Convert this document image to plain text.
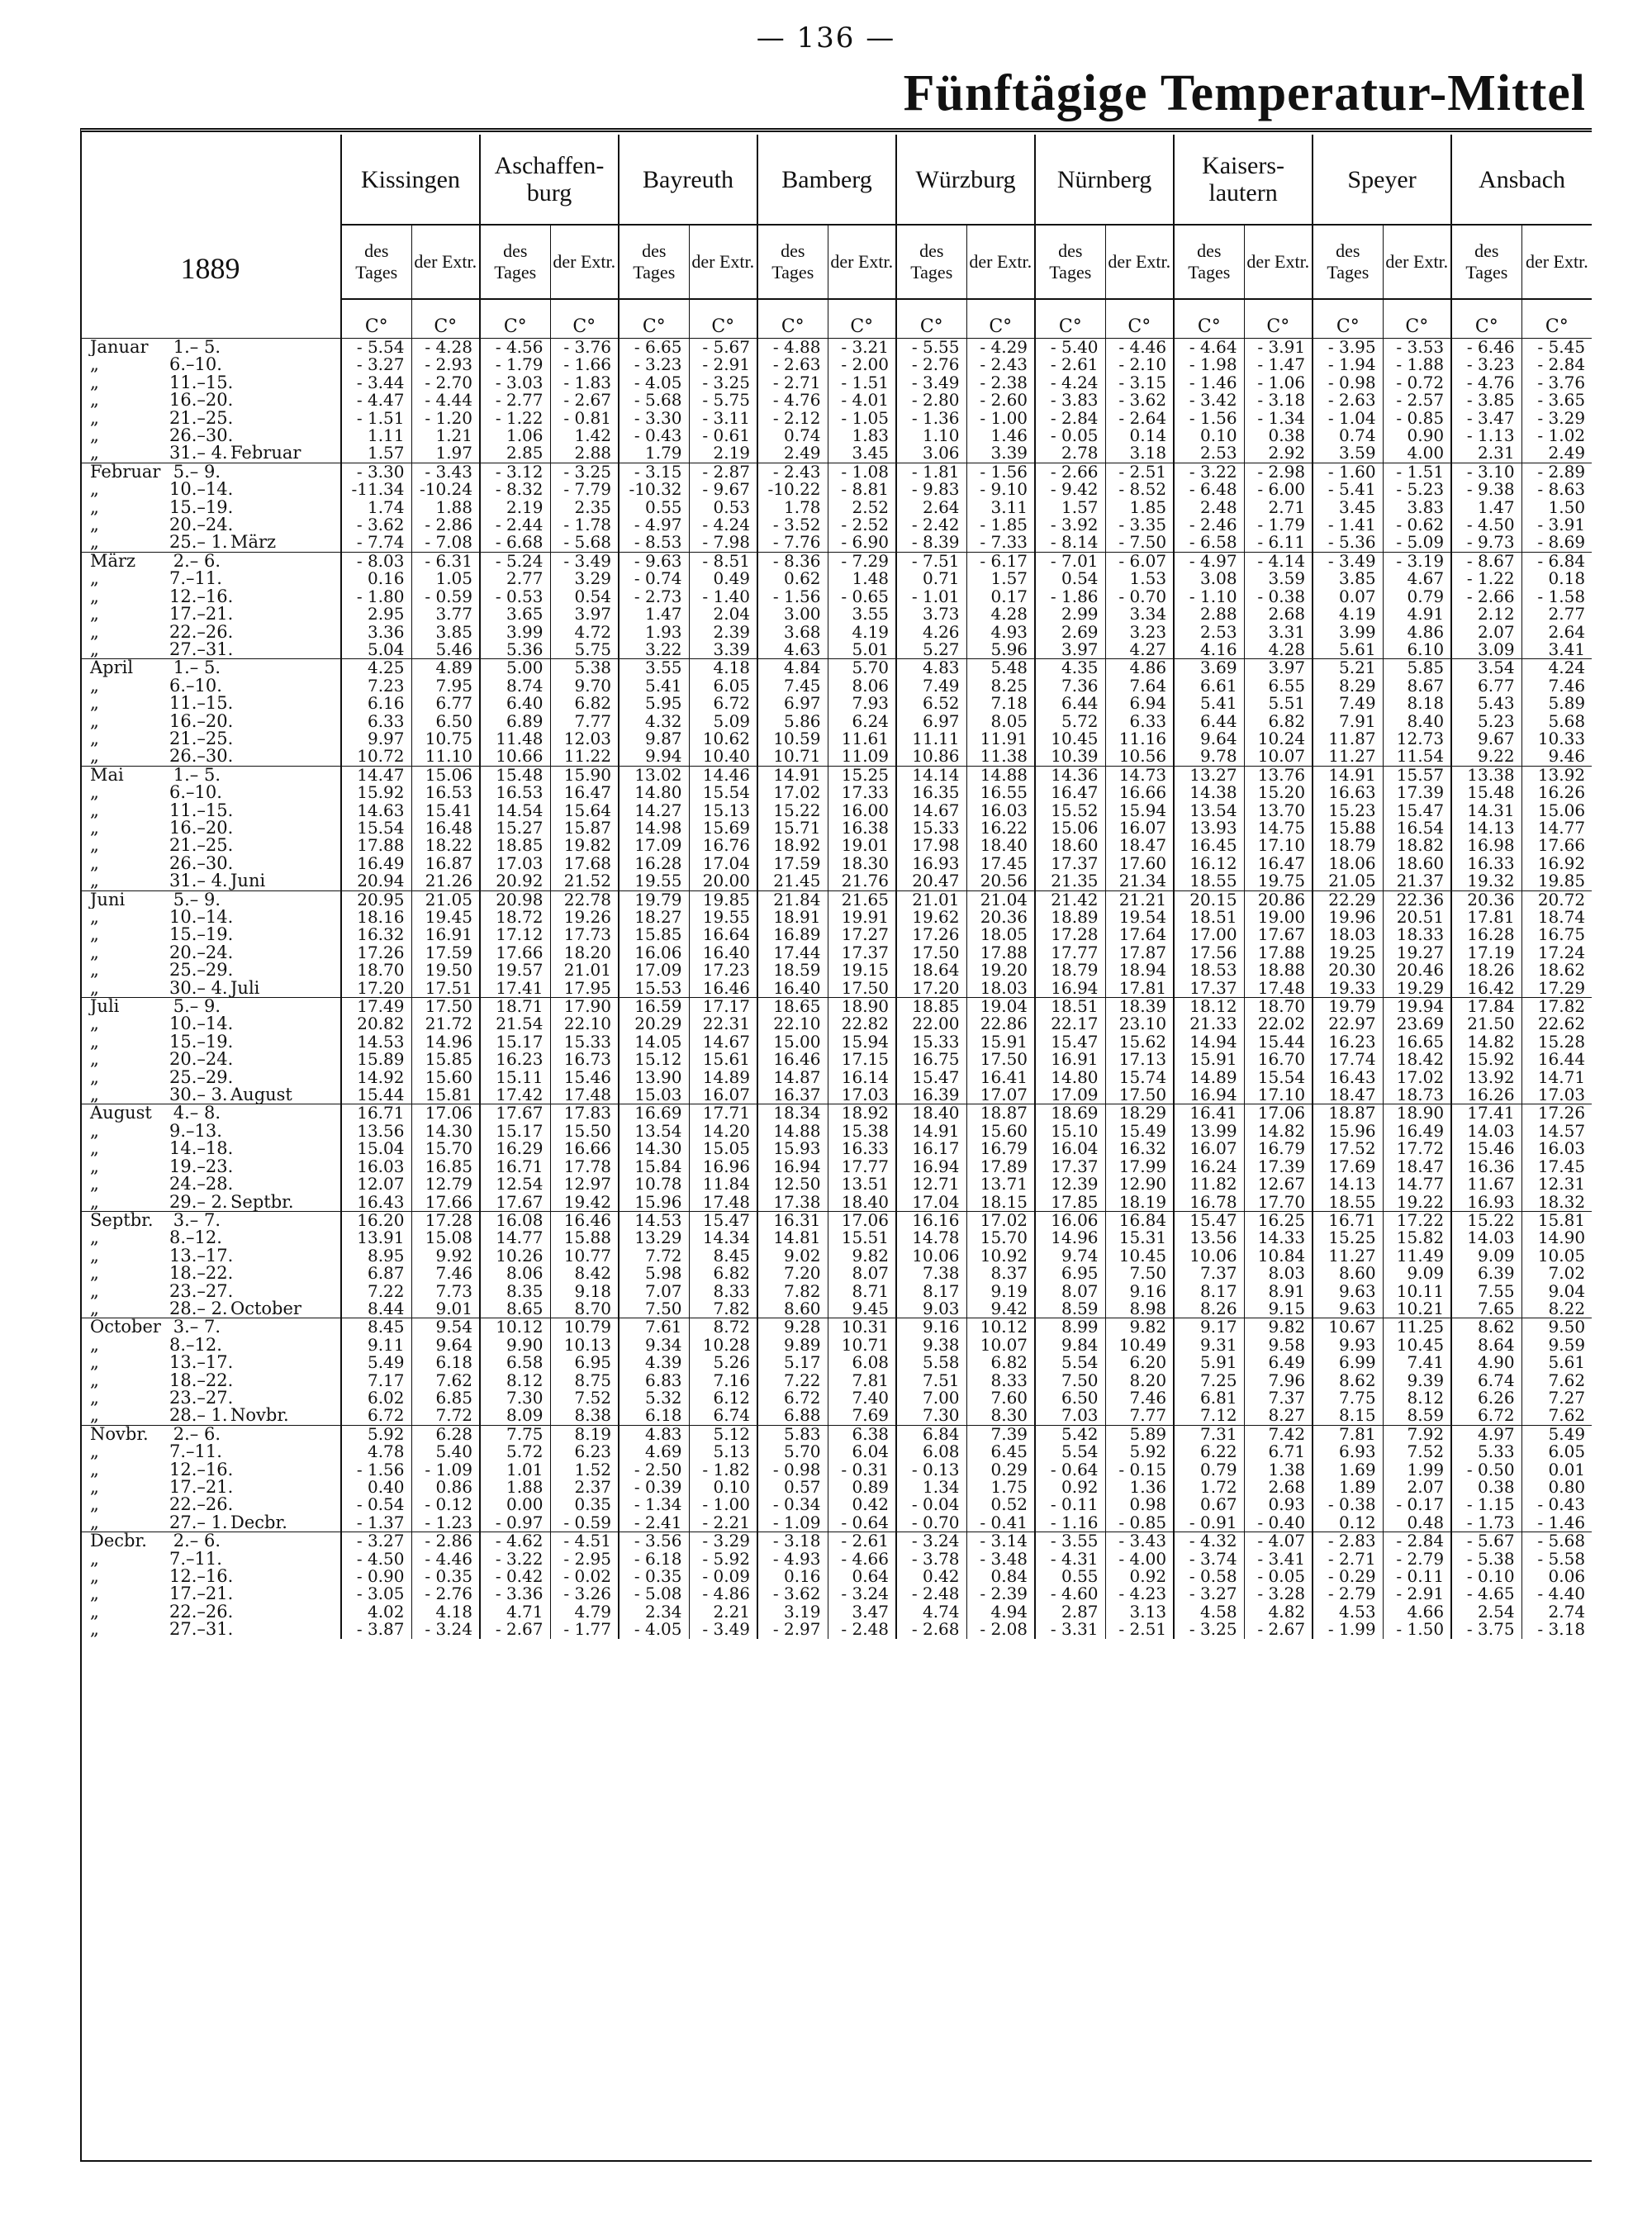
— 136 —
Fünftägige Temperatur-Mittel
1889	Kissingen		Aschaffen-burg		Bayreuth		Bamberg		Würzburg		Nürnberg		Kaisers-lautern		Speyer		Ansbach	
	des Tages	der Extr.	des Tages	der Extr.	des Tages	der Extr.	des Tages	der Extr.	des Tages	der Extr.	des Tages	der Extr.	des Tages	der Extr.	des Tages	der Extr.	des Tages	der Extr.

	C°	C°	C°	C°	C°	C°	C°	C°	C°	C°	C°	C°	C°	C°	C°	C°	C°	C°
Januar 1.– 5.	- 5.54	- 4.28	- 4.56	- 3.76	- 6.65	- 5.67	- 4.88	- 3.21	- 5.55	- 4.29	- 5.40	- 4.46	- 4.64	- 3.91	- 3.95	- 3.53	- 6.46	- 5.45
„ 6.–10.	- 3.27	- 2.93	- 1.79	- 1.66	- 3.23	- 2.91	- 2.63	- 2.00	- 2.76	- 2.43	- 2.61	- 2.10	- 1.98	- 1.47	- 1.94	- 1.88	- 3.23	- 2.84
„ 11.–15.	- 3.44	- 2.70	- 3.03	- 1.83	- 4.05	- 3.25	- 2.71	- 1.51	- 3.49	- 2.38	- 4.24	- 3.15	- 1.46	- 1.06	- 0.98	- 0.72	- 4.76	- 3.76
„ 16.–20.	- 4.47	- 4.44	- 2.77	- 2.67	- 5.68	- 5.75	- 4.76	- 4.01	- 2.80	- 2.60	- 3.83	- 3.62	- 3.42	- 3.18	- 2.63	- 2.57	- 3.85	- 3.65
„ 21.–25.	- 1.51	- 1.20	- 1.22	- 0.81	- 3.30	- 3.11	- 2.12	- 1.05	- 1.36	- 1.00	- 2.84	- 2.64	- 1.56	- 1.34	- 1.04	- 0.85	- 3.47	- 3.29
„ 26.–30.	1.11	1.21	1.06	1.42	- 0.43	- 0.61	0.74	1.83	1.10	1.46	- 0.05	0.14	0.10	0.38	0.74	0.90	- 1.13	- 1.02
„ 31.– 4. Februar	1.57	1.97	2.85	2.88	1.79	2.19	2.49	3.45	3.06	3.39	2.78	3.18	2.53	2.92	3.59	4.00	2.31	2.49
Februar 5.– 9.	- 3.30	- 3.43	- 3.12	- 3.25	- 3.15	- 2.87	- 2.43	- 1.08	- 1.81	- 1.56	- 2.66	- 2.51	- 3.22	- 2.98	- 1.60	- 1.51	- 3.10	- 2.89
„ 10.–14.	-11.34	-10.24	- 8.32	- 7.79	-10.32	- 9.67	-10.22	- 8.81	- 9.83	- 9.10	- 9.42	- 8.52	- 6.48	- 6.00	- 5.41	- 5.23	- 9.38	- 8.63
„ 15.–19.	1.74	1.88	2.19	2.35	0.55	0.53	1.78	2.52	2.64	3.11	1.57	1.85	2.48	2.71	3.45	3.83	1.47	1.50
„ 20.–24.	- 3.62	- 2.86	- 2.44	- 1.78	- 4.97	- 4.24	- 3.52	- 2.52	- 2.42	- 1.85	- 3.92	- 3.35	- 2.46	- 1.79	- 1.41	- 0.62	- 4.50	- 3.91
„ 25.– 1. März	- 7.74	- 7.08	- 6.68	- 5.68	- 8.53	- 7.98	- 7.76	- 6.90	- 8.39	- 7.33	- 8.14	- 7.50	- 6.58	- 6.11	- 5.36	- 5.09	- 9.73	- 8.69
März 2.– 6.	- 8.03	- 6.31	- 5.24	- 3.49	- 9.63	- 8.51	- 8.36	- 7.29	- 7.51	- 6.17	- 7.01	- 6.07	- 4.97	- 4.14	- 3.49	- 3.19	- 8.67	- 6.84
„ 7.–11.	0.16	1.05	2.77	3.29	- 0.74	0.49	0.62	1.48	0.71	1.57	0.54	1.53	3.08	3.59	3.85	4.67	- 1.22	0.18
„ 12.–16.	- 1.80	- 0.59	- 0.53	0.54	- 2.73	- 1.40	- 1.56	- 0.65	- 1.01	0.17	- 1.86	- 0.70	- 1.10	- 0.38	0.07	0.79	- 2.66	- 1.58
„ 17.–21.	2.95	3.77	3.65	3.97	1.47	2.04	3.00	3.55	3.73	4.28	2.99	3.34	2.88	2.68	4.19	4.91	2.12	2.77
„ 22.–26.	3.36	3.85	3.99	4.72	1.93	2.39	3.68	4.19	4.26	4.93	2.69	3.23	2.53	3.31	3.99	4.86	2.07	2.64
„ 27.–31.	5.04	5.46	5.36	5.75	3.22	3.39	4.63	5.01	5.27	5.96	3.97	4.27	4.16	4.28	5.61	6.10	3.09	3.41
April 1.– 5.	4.25	4.89	5.00	5.38	3.55	4.18	4.84	5.70	4.83	5.48	4.35	4.86	3.69	3.97	5.21	5.85	3.54	4.24
„ 6.–10.	7.23	7.95	8.74	9.70	5.41	6.05	7.45	8.06	7.49	8.25	7.36	7.64	6.61	6.55	8.29	8.67	6.77	7.46
„ 11.–15.	6.16	6.77	6.40	6.82	5.95	6.72	6.97	7.93	6.52	7.18	6.44	6.94	5.41	5.51	7.49	8.18	5.43	5.89
„ 16.–20.	6.33	6.50	6.89	7.77	4.32	5.09	5.86	6.24	6.97	8.05	5.72	6.33	6.44	6.82	7.91	8.40	5.23	5.68
„ 21.–25.	9.97	10.75	11.48	12.03	9.87	10.62	10.59	11.61	11.11	11.91	10.45	11.16	9.64	10.24	11.87	12.73	9.67	10.33
„ 26.–30.	10.72	11.10	10.66	11.22	9.94	10.40	10.71	11.09	10.86	11.38	10.39	10.56	9.78	10.07	11.27	11.54	9.22	9.46
Mai 1.– 5.	14.47	15.06	15.48	15.90	13.02	14.46	14.91	15.25	14.14	14.88	14.36	14.73	13.27	13.76	14.91	15.57	13.38	13.92
„ 6.–10.	15.92	16.53	16.53	16.47	14.80	15.54	17.02	17.33	16.35	16.55	16.47	16.66	14.38	15.20	16.63	17.39	15.48	16.26
„ 11.–15.	14.63	15.41	14.54	15.64	14.27	15.13	15.22	16.00	14.67	16.03	15.52	15.94	13.54	13.70	15.23	15.47	14.31	15.06
„ 16.–20.	15.54	16.48	15.27	15.87	14.98	15.69	15.71	16.38	15.33	16.22	15.06	16.07	13.93	14.75	15.88	16.54	14.13	14.77
„ 21.–25.	17.88	18.22	18.85	19.82	17.09	16.76	18.92	19.01	17.98	18.40	18.60	18.47	16.45	17.10	18.79	18.82	16.98	17.66
„ 26.–30.	16.49	16.87	17.03	17.68	16.28	17.04	17.59	18.30	16.93	17.45	17.37	17.60	16.12	16.47	18.06	18.60	16.33	16.92
„ 31.– 4. Juni	20.94	21.26	20.92	21.52	19.55	20.00	21.45	21.76	20.47	20.56	21.35	21.34	18.55	19.75	21.05	21.37	19.32	19.85
Juni 5.– 9.	20.95	21.05	20.98	22.78	19.79	19.85	21.84	21.65	21.01	21.04	21.42	21.21	20.15	20.86	22.29	22.36	20.36	20.72
„ 10.–14.	18.16	19.45	18.72	19.26	18.27	19.55	18.91	19.91	19.62	20.36	18.89	19.54	18.51	19.00	19.96	20.51	17.81	18.74
„ 15.–19.	16.32	16.91	17.12	17.73	15.85	16.64	16.89	17.27	17.26	18.05	17.28	17.64	17.00	17.67	18.03	18.33	16.28	16.75
„ 20.–24.	17.26	17.59	17.66	18.20	16.06	16.40	17.44	17.37	17.50	17.88	17.77	17.87	17.56	17.88	19.25	19.27	17.19	17.24
„ 25.–29.	18.70	19.50	19.57	21.01	17.09	17.23	18.59	19.15	18.64	19.20	18.79	18.94	18.53	18.88	20.30	20.46	18.26	18.62
„ 30.– 4. Juli	17.20	17.51	17.41	17.95	15.53	16.46	16.40	17.50	17.20	18.03	16.94	17.81	17.37	17.48	19.33	19.29	16.42	17.29
Juli 5.– 9.	17.49	17.50	18.71	17.90	16.59	17.17	18.65	18.90	18.85	19.04	18.51	18.39	18.12	18.70	19.79	19.94	17.84	17.82
„ 10.–14.	20.82	21.72	21.54	22.10	20.29	22.31	22.10	22.82	22.00	22.86	22.17	23.10	21.33	22.02	22.97	23.69	21.50	22.62
„ 15.–19.	14.53	14.96	15.17	15.33	14.05	14.67	15.00	15.94	15.33	15.91	15.47	15.62	14.94	15.44	16.23	16.65	14.82	15.28
„ 20.–24.	15.89	15.85	16.23	16.73	15.12	15.61	16.46	17.15	16.75	17.50	16.91	17.13	15.91	16.70	17.74	18.42	15.92	16.44
„ 25.–29.	14.92	15.60	15.11	15.46	13.90	14.89	14.87	16.14	15.47	16.41	14.80	15.74	14.89	15.54	16.43	17.02	13.92	14.71
„ 30.– 3. August	15.44	15.81	17.42	17.48	15.03	16.07	16.37	17.03	16.39	17.07	17.09	17.50	16.94	17.10	18.47	18.73	16.26	17.03
August 4.– 8.	16.71	17.06	17.67	17.83	16.69	17.71	18.34	18.92	18.40	18.87	18.69	18.29	16.41	17.06	18.87	18.90	17.41	17.26
„ 9.–13.	13.56	14.30	15.17	15.50	13.54	14.20	14.88	15.38	14.91	15.60	15.10	15.49	13.99	14.82	15.96	16.49	14.03	14.57
„ 14.–18.	15.04	15.70	16.29	16.66	14.30	15.05	15.93	16.33	16.17	16.79	16.04	16.32	16.07	16.79	17.52	17.72	15.46	16.03
„ 19.–23.	16.03	16.85	16.71	17.78	15.84	16.96	16.94	17.77	16.94	17.89	17.37	17.99	16.24	17.39	17.69	18.47	16.36	17.45
„ 24.–28.	12.07	12.79	12.54	12.97	10.78	11.84	12.50	13.51	12.71	13.71	12.39	12.90	11.82	12.67	14.13	14.77	11.67	12.31
„ 29.– 2. Septbr.	16.43	17.66	17.67	19.42	15.96	17.48	17.38	18.40	17.04	18.15	17.85	18.19	16.78	17.70	18.55	19.22	16.93	18.32
Septbr. 3.– 7.	16.20	17.28	16.08	16.46	14.53	15.47	16.31	17.06	16.16	17.02	16.06	16.84	15.47	16.25	16.71	17.22	15.22	15.81
„ 8.–12.	13.91	15.08	14.77	15.88	13.29	14.34	14.81	15.51	14.78	15.70	14.96	15.31	13.56	14.33	15.25	15.82	14.03	14.90
„ 13.–17.	8.95	9.92	10.26	10.77	7.72	8.45	9.02	9.82	10.06	10.92	9.74	10.45	10.06	10.84	11.27	11.49	9.09	10.05
„ 18.–22.	6.87	7.46	8.06	8.42	5.98	6.82	7.20	8.07	7.38	8.37	6.95	7.50	7.37	8.03	8.60	9.09	6.39	7.02
„ 23.–27.	7.22	7.73	8.35	9.18	7.07	8.33	7.82	8.71	8.17	9.19	8.07	9.16	8.17	8.91	9.63	10.11	7.55	9.04
„ 28.– 2. October	8.44	9.01	8.65	8.70	7.50	7.82	8.60	9.45	9.03	9.42	8.59	8.98	8.26	9.15	9.63	10.21	7.65	8.22
October 3.– 7.	8.45	9.54	10.12	10.79	7.61	8.72	9.28	10.31	9.16	10.12	8.99	9.82	9.17	9.82	10.67	11.25	8.62	9.50
„ 8.–12.	9.11	9.64	9.90	10.13	9.34	10.28	9.89	10.71	9.38	10.07	9.84	10.49	9.31	9.58	9.93	10.45	8.64	9.59
„ 13.–17.	5.49	6.18	6.58	6.95	4.39	5.26	5.17	6.08	5.58	6.82	5.54	6.20	5.91	6.49	6.99	7.41	4.90	5.61
„ 18.–22.	7.17	7.62	8.12	8.75	6.83	7.16	7.22	7.81	7.51	8.33	7.50	8.20	7.25	7.96	8.62	9.39	6.74	7.62
„ 23.–27.	6.02	6.85	7.30	7.52	5.32	6.12	6.72	7.40	7.00	7.60	6.50	7.46	6.81	7.37	7.75	8.12	6.26	7.27
„ 28.– 1. Novbr.	6.72	7.72	8.09	8.38	6.18	6.74	6.88	7.69	7.30	8.30	7.03	7.77	7.12	8.27	8.15	8.59	6.72	7.62
Novbr. 2.– 6.	5.92	6.28	7.75	8.19	4.83	5.12	5.83	6.38	6.84	7.39	5.42	5.89	7.31	7.42	7.81	7.92	4.97	5.49
„ 7.–11.	4.78	5.40	5.72	6.23	4.69	5.13	5.70	6.04	6.08	6.45	5.54	5.92	6.22	6.71	6.93	7.52	5.33	6.05
„ 12.–16.	- 1.56	- 1.09	1.01	1.52	- 2.50	- 1.82	- 0.98	- 0.31	- 0.13	0.29	- 0.64	- 0.15	0.79	1.38	1.69	1.99	- 0.50	0.01
„ 17.–21.	0.40	0.86	1.88	2.37	- 0.39	0.10	0.57	0.89	1.34	1.75	0.92	1.36	1.72	2.68	1.89	2.07	0.38	0.80
„ 22.–26.	- 0.54	- 0.12	0.00	0.35	- 1.34	- 1.00	- 0.34	0.42	- 0.04	0.52	- 0.11	0.98	0.67	0.93	- 0.38	- 0.17	- 1.15	- 0.43
„ 27.– 1. Decbr.	- 1.37	- 1.23	- 0.97	- 0.59	- 2.41	- 2.21	- 1.09	- 0.64	- 0.70	- 0.41	- 1.16	- 0.85	- 0.91	- 0.40	0.12	0.48	- 1.73	- 1.46
Decbr. 2.– 6.	- 3.27	- 2.86	- 4.62	- 4.51	- 3.56	- 3.29	- 3.18	- 2.61	- 3.24	- 3.14	- 3.55	- 3.43	- 4.32	- 4.07	- 2.83	- 2.84	- 5.67	- 5.68
„ 7.–11.	- 4.50	- 4.46	- 3.22	- 2.95	- 6.18	- 5.92	- 4.93	- 4.66	- 3.78	- 3.48	- 4.31	- 4.00	- 3.74	- 3.41	- 2.71	- 2.79	- 5.38	- 5.58
„ 12.–16.	- 0.90	- 0.35	- 0.42	- 0.02	- 0.35	- 0.09	0.16	0.64	0.42	0.84	0.55	0.92	- 0.58	- 0.05	- 0.29	- 0.11	- 0.10	0.06
„ 17.–21.	- 3.05	- 2.76	- 3.36	- 3.26	- 5.08	- 4.86	- 3.62	- 3.24	- 2.48	- 2.39	- 4.60	- 4.23	- 3.27	- 3.28	- 2.79	- 2.91	- 4.65	- 4.40
„ 22.–26.	4.02	4.18	4.71	4.79	2.34	2.21	3.19	3.47	4.74	4.94	2.87	3.13	4.58	4.82	4.53	4.66	2.54	2.74
„ 27.–31.	- 3.87	- 3.24	- 2.67	- 1.77	- 4.05	- 3.49	- 2.97	- 2.48	- 2.68	- 2.08	- 3.31	- 2.51	- 3.25	- 2.67	- 1.99	- 1.50	- 3.75	- 3.18
